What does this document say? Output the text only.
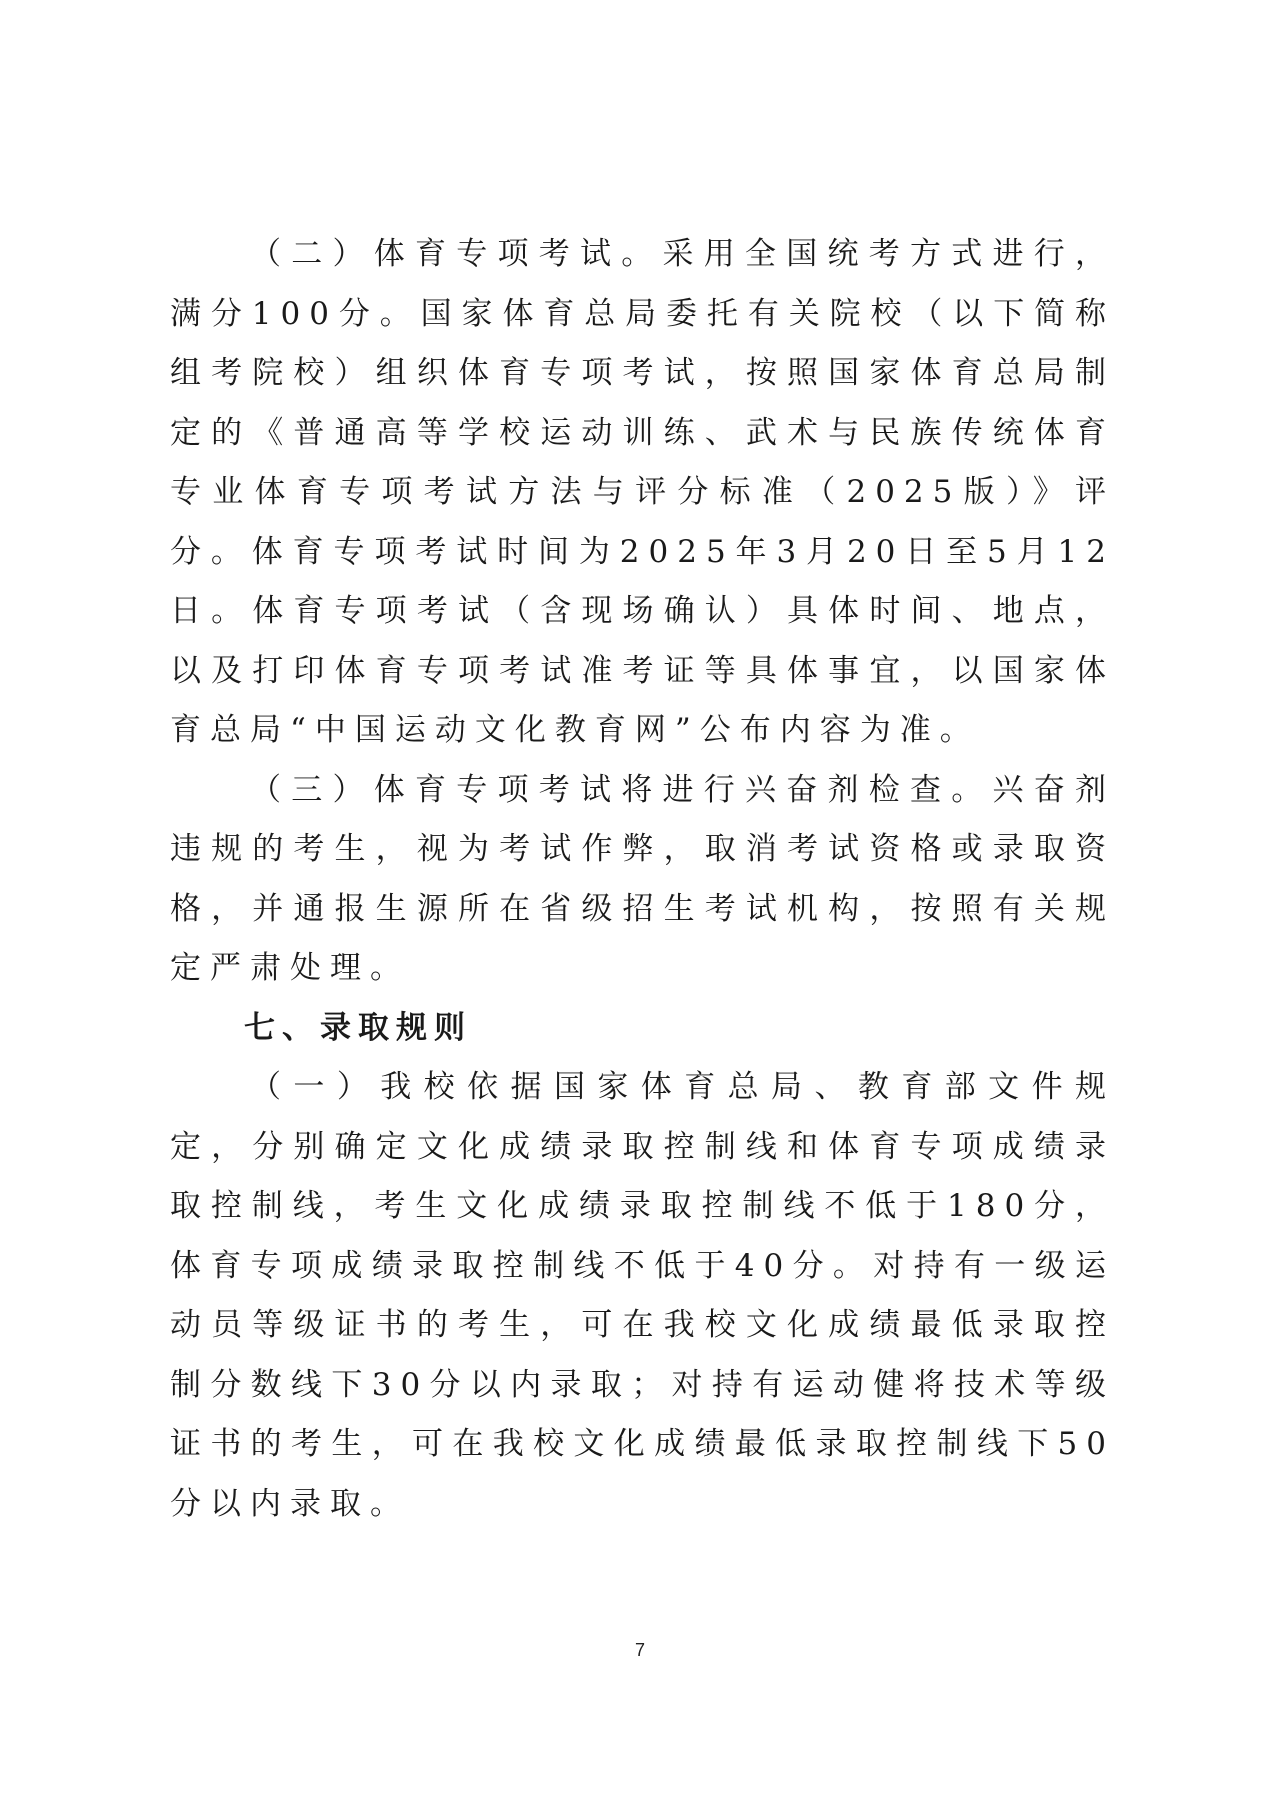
（二）体育专项考试。采用全国统考方式进行，满分100分。国家体育总局委托有关院校（以下简称组考院校）组织体育专项考试，按照国家体育总局制定的《普通高等学校运动训练、武术与民族传统体育专业体育专项考试方法与评分标准（2025版）》评分。体育专项考试时间为2025年3月20日至5月12日。体育专项考试（含现场确认）具体时间、地点，以及打印体育专项考试准考证等具体事宜，以国家体育总局“中国运动文化教育网”公布内容为准。

（三）体育专项考试将进行兴奋剂检查。兴奋剂违规的考生，视为考试作弊，取消考试资格或录取资格，并通报生源所在省级招生考试机构，按照有关规定严肃处理。

七、录取规则

（一）我校依据国家体育总局、教育部文件规定，分别确定文化成绩录取控制线和体育专项成绩录取控制线，考生文化成绩录取控制线不低于180分，体育专项成绩录取控制线不低于40分。对持有一级运动员等级证书的考生，可在我校文化成绩最低录取控制分数线下30分以内录取；对持有运动健将技术等级证书的考生，可在我校文化成绩最低录取控制线下50分以内录取。

7
